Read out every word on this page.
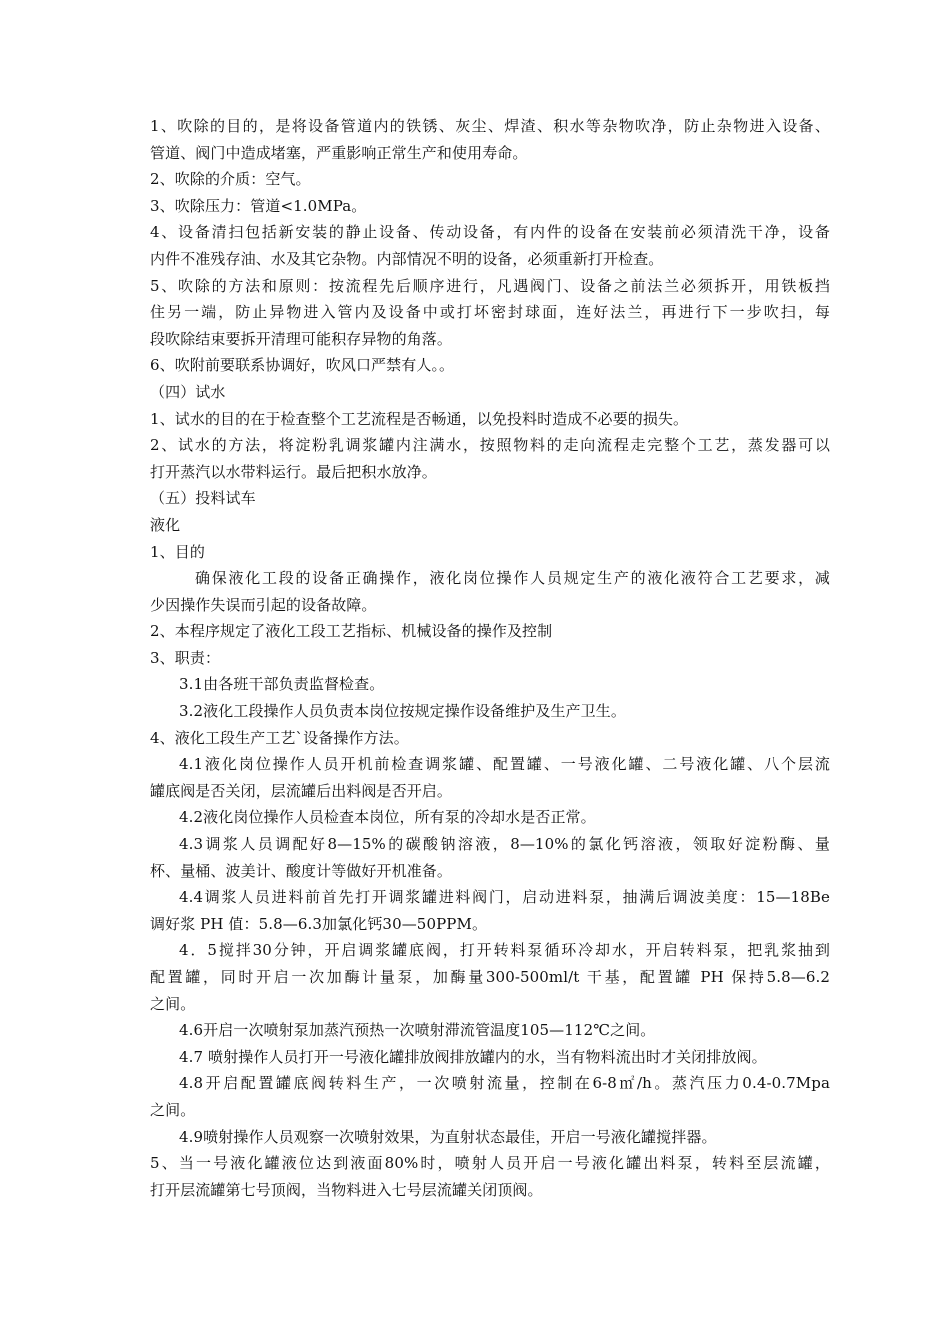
1、吹除的目的，是将设备管道内的铁锈、灰尘、焊渣、积水等杂物吹净，防止杂物进入设备、
管道、阀门中造成堵塞，严重影响正常生产和使用寿命。
2、吹除的介质：空气。
3、吹除压力：管道<1.0MPa。
4、设备清扫包括新安装的静止设备、传动设备，有内件的设备在安装前必须清洗干净，设备
内件不准残存油、水及其它杂物。内部情况不明的设备，必须重新打开检查。
5、吹除的方法和原则：按流程先后顺序进行，凡遇阀门、设备之前法兰必须拆开，用铁板挡
住另一端，防止异物进入管内及设备中或打坏密封球面，连好法兰，再进行下一步吹扫，每
段吹除结束要拆开清理可能积存异物的角落。
6、吹附前要联系协调好，吹风口严禁有人。。
（四）试水
1、试水的目的在于检查整个工艺流程是否畅通，以免投料时造成不必要的损失。
2、试水的方法，将淀粉乳调浆罐内注满水，按照物料的走向流程走完整个工艺，蒸发器可以
打开蒸汽以水带料运行。最后把积水放净。
（五）投料试车
液化
1、目的
确保液化工段的设备正确操作，液化岗位操作人员规定生产的液化液符合工艺要求，减
少因操作失误而引起的设备故障。
2、本程序规定了液化工段工艺指标、机械设备的操作及控制
3、职责：
3.1由各班干部负责监督检查。
3.2液化工段操作人员负责本岗位按规定操作设备维护及生产卫生。
4、液化工段生产工艺`设备操作方法。
4.1液化岗位操作人员开机前检查调浆罐、配置罐、一号液化罐、二号液化罐、八个层流
罐底阀是否关闭，层流罐后出料阀是否开启。
4.2液化岗位操作人员检查本岗位，所有泵的冷却水是否正常。
4.3调浆人员调配好8—15%的碳酸钠溶液，8—10%的氯化钙溶液，领取好淀粉酶、量
杯、量桶、波美计、酸度计等做好开机准备。
4.4调浆人员进料前首先打开调浆罐进料阀门，启动进料泵，抽满后调波美度：15—18Be
调好浆 PH 值：5.8—6.3加氯化钙30—50PPM。
4．5搅拌30分钟，开启调浆罐底阀，打开转料泵循环冷却水，开启转料泵，把乳浆抽到
配置罐，同时开启一次加酶计量泵，加酶量300-500ml/t 干基，配置罐 PH 保持5.8—6.2
之间。
4.6开启一次喷射泵加蒸汽预热一次喷射滞流管温度105—112℃之间。
4.7 喷射操作人员打开一号液化罐排放阀排放罐内的水，当有物料流出时才关闭排放阀。
4.8开启配置罐底阀转料生产，一次喷射流量，控制在6-8㎡/h。蒸汽压力0.4-0.7Mpa
之间。
4.9喷射操作人员观察一次喷射效果，为直射状态最佳，开启一号液化罐搅拌器。
5、当一号液化罐液位达到液面80%时，喷射人员开启一号液化罐出料泵，转料至层流罐，
打开层流罐第七号顶阀，当物料进入七号层流罐关闭顶阀。
